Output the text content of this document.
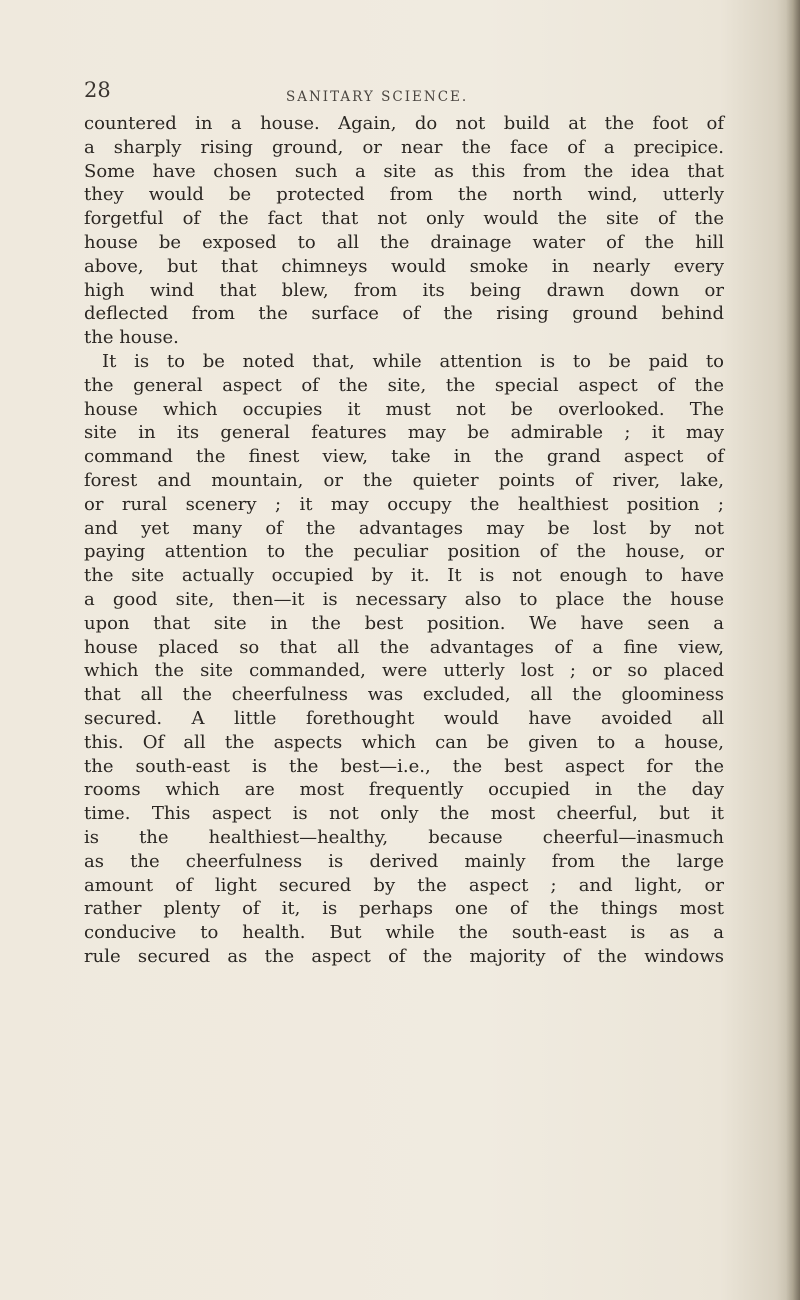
28	SANITARY SCIENCE.
countered in a house. Again, do not build at the foot of
a sharply rising ground, or near the face of a precipice.
Some have chosen such a site as this from the idea that
they would be protected from the north wind, utterly
forgetful of the fact that not only would the site of the
house be exposed to all the drainage water of the hill
above, but that chimneys would smoke in nearly every
high wind that blew, from its being drawn down or
deflected from the surface of the rising ground behind
the house.
It is to be noted that, while attention is to be paid to
the general aspect of the site, the special aspect of the
house which occupies it must not be overlooked. The
site in its general features may be admirable ; it may
command the finest view, take in the grand aspect of
forest and mountain, or the quieter points of river, lake,
or rural scenery ; it may occupy the healthiest position ;
and yet many of the advantages may be lost by not
paying attention to the peculiar position of the house, or
the site actually occupied by it. It is not enough to have
a good site, then—it is necessary also to place the house
upon that site in the best position. We have seen a
house placed so that all the advantages of a fine view,
which the site commanded, were utterly lost ; or so placed
that all the cheerfulness was excluded, all the gloominess
secured. A little forethought would have avoided all
this. Of all the aspects which can be given to a house,
the south-east is the best—i.e., the best aspect for the
rooms which are most frequently occupied in the day
time. This aspect is not only the most cheerful, but it
is the healthiest—healthy, because cheerful—inasmuch
as the cheerfulness is derived mainly from the large
amount of light secured by the aspect ; and light, or
rather plenty of it, is perhaps one of the things most
conducive to health. But while the south-east is as a
rule secured as the aspect of the majority of the windows
